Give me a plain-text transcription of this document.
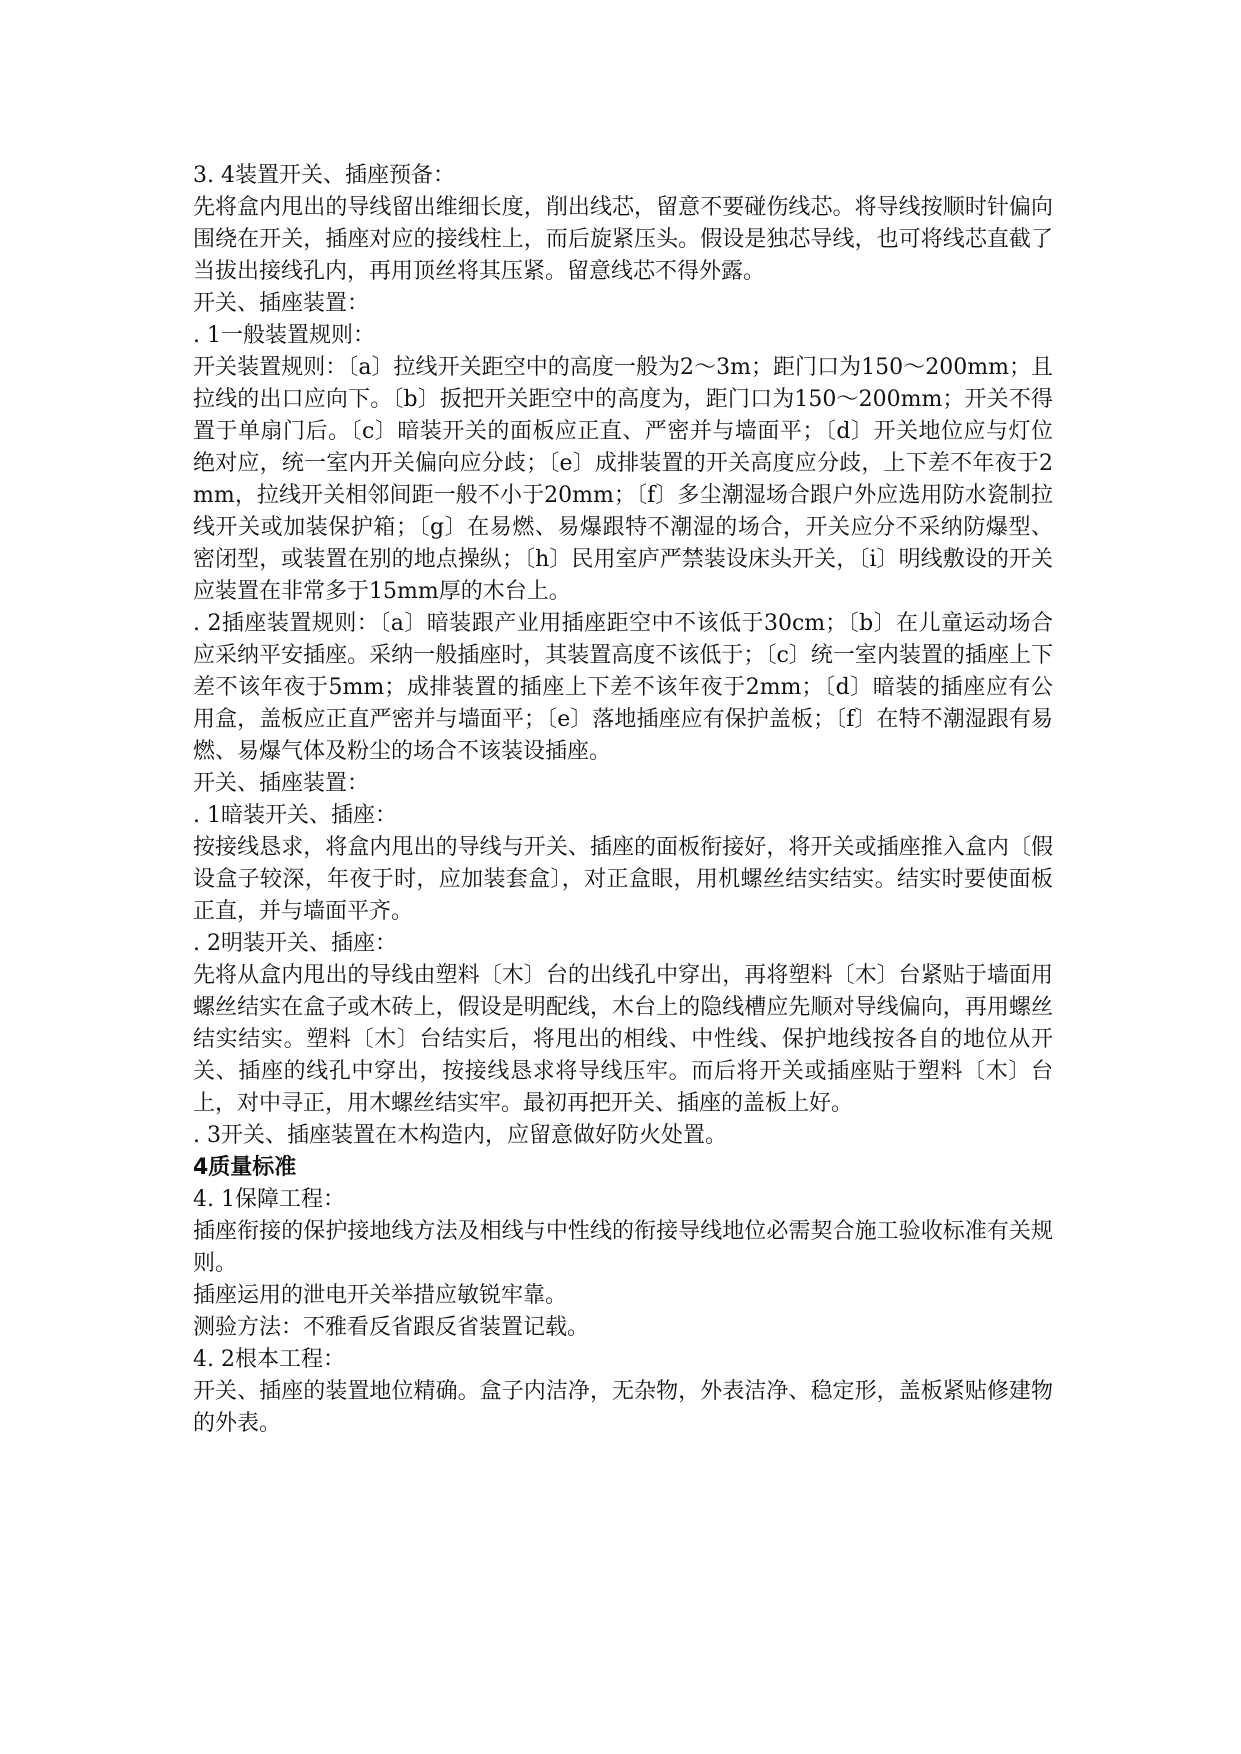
3. 4装置开关、插座预备：

先将盒内甩出的导线留出维细长度，削出线芯，留意不要碰伤线芯。将导线按顺时针偏向围绕在开关，插座对应的接线柱上，而后旋紧压头。假设是独芯导线，也可将线芯直截了当拔出接线孔内，再用顶丝将其压紧。留意线芯不得外露。

开关、插座装置：

. 1一般装置规则：

开关装置规则：〔a〕拉线开关距空中的高度一般为2～3m；距门口为150～200mm；且拉线的出口应向下。〔b〕扳把开关距空中的高度为，距门口为150～200mm；开关不得置于单扇门后。〔c〕暗装开关的面板应正直、严密并与墙面平；〔d〕开关地位应与灯位绝对应，统一室内开关偏向应分歧；〔e〕成排装置的开关高度应分歧，上下差不年夜于2mm，拉线开关相邻间距一般不小于20mm；〔f〕多尘潮湿场合跟户外应选用防水瓷制拉线开关或加装保护箱；〔g〕在易燃、易爆跟特不潮湿的场合，开关应分不采纳防爆型、密闭型，或装置在别的地点操纵；〔h〕民用室庐严禁装设床头开关，〔i〕明线敷设的开关应装置在非常多于15mm厚的木台上。

. 2插座装置规则：〔a〕暗装跟产业用插座距空中不该低于30cm；〔b〕在儿童运动场合应采纳平安插座。采纳一般插座时，其装置高度不该低于；〔c〕统一室内装置的插座上下差不该年夜于5mm；成排装置的插座上下差不该年夜于2mm；〔d〕暗装的插座应有公用盒，盖板应正直严密并与墙面平；〔e〕落地插座应有保护盖板；〔f〕在特不潮湿跟有易燃、易爆气体及粉尘的场合不该装设插座。

开关、插座装置：

. 1暗装开关、插座：

按接线恳求，将盒内甩出的导线与开关、插座的面板衔接好，将开关或插座推入盒内〔假设盒子较深，年夜于时，应加装套盒〕，对正盒眼，用机螺丝结实结实。结实时要使面板正直，并与墙面平齐。

. 2明装开关、插座：

先将从盒内甩出的导线由塑料〔木〕台的出线孔中穿出，再将塑料〔木〕台紧贴于墙面用螺丝结实在盒子或木砖上，假设是明配线，木台上的隐线槽应先顺对导线偏向，再用螺丝结实结实。塑料〔木〕台结实后，将甩出的相线、中性线、保护地线按各自的地位从开关、插座的线孔中穿出，按接线恳求将导线压牢。而后将开关或插座贴于塑料〔木〕台上，对中寻正，用木螺丝结实牢。最初再把开关、插座的盖板上好。

. 3开关、插座装置在木构造内，应留意做好防火处置。

4质量标准

4. 1保障工程：

插座衔接的保护接地线方法及相线与中性线的衔接导线地位必需契合施工验收标准有关规则。

插座运用的泄电开关举措应敏锐牢靠。

测验方法：不雅看反省跟反省装置记载。

4. 2根本工程：

开关、插座的装置地位精确。盒子内洁净，无杂物，外表洁净、稳定形，盖板紧贴修建物的外表。
